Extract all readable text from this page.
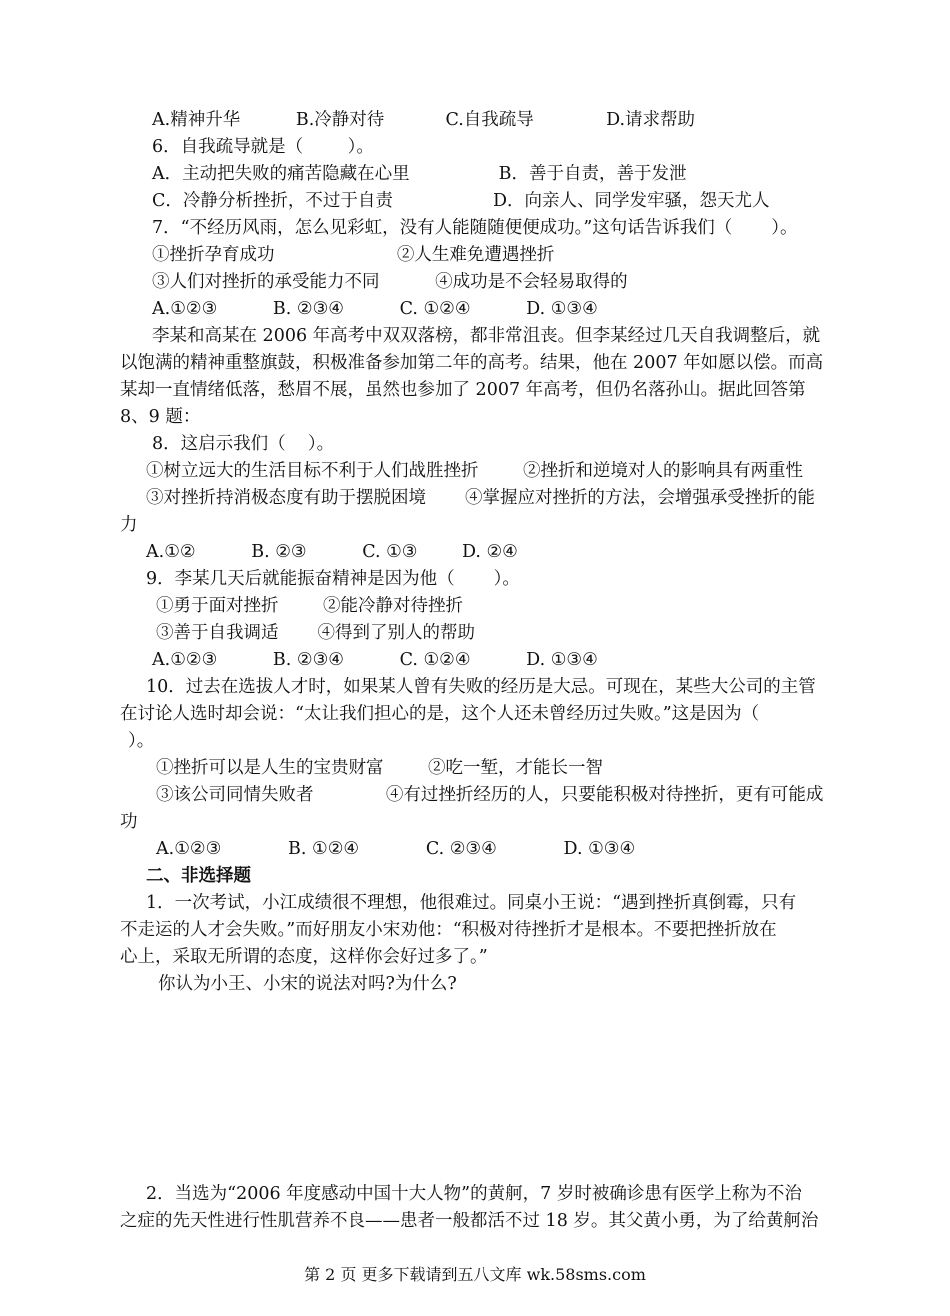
A.精神升华          B.冷静对待           C.自我疏导             D.请求帮助
6．自我疏导就是（        ）。
A．主动把失败的痛苦隐藏在心里                B．善于自责，善于发泄
C．冷静分析挫折，不过于自责                  D．向亲人、同学发牢骚，怨天尤人
7．“不经历风雨，怎么见彩虹，没有人能随随便便成功。”这句话告诉我们（       ）。
①挫折孕育成功                      ②人生难免遭遇挫折
③人们对挫折的承受能力不同          ④成功是不会轻易取得的
A.①②③          B. ②③④          C. ①②④          D. ①③④
李某和高某在 2006 年高考中双双落榜，都非常沮丧。但李某经过几天自我调整后，就
以饱满的精神重整旗鼓，积极准备参加第二年的高考。结果，他在 2007 年如愿以偿。而高
某却一直情绪低落，愁眉不展，虽然也参加了 2007 年高考，但仍名落孙山。据此回答第
8、9 题：
8．这启示我们（    ）。
①树立远大的生活目标不利于人们战胜挫折        ②挫折和逆境对人的影响具有两重性
③对挫折持消极态度有助于摆脱困境       ④掌握应对挫折的方法，会增强承受挫折的能
力
A.①②          B. ②③          C. ①③        D. ②④
9．李某几天后就能振奋精神是因为他（       ）。
①勇于面对挫折        ②能冷静对待挫折
③善于自我调适       ④得到了别人的帮助
A.①②③          B. ②③④          C. ①②④          D. ①③④
10．过去在选拔人才时，如果某人曾有失败的经历是大忌。可现在，某些大公司的主管
在讨论人选时却会说：“太让我们担心的是，这个人还未曾经历过失败。”这是因为（
）。
①挫折可以是人生的宝贵财富        ②吃一堑，才能长一智
③该公司同情失败者             ④有过挫折经历的人，只要能积极对待挫折，更有可能成
功
A.①②③            B. ①②④            C. ②③④            D. ①③④
二、非选择题
1．一次考试，小江成绩很不理想，他很难过。同桌小王说：“遇到挫折真倒霉，只有
不走运的人才会失败。”而好朋友小宋劝他：“积极对待挫折才是根本。不要把挫折放在
心上，采取无所谓的态度，这样你会好过多了。”
你认为小王、小宋的说法对吗?为什么?
2．当选为“2006 年度感动中国十大人物”的黄舸，7 岁时被确诊患有医学上称为不治
之症的先天性进行性肌营养不良——患者一般都活不过 18 岁。其父黄小勇，为了给黄舸治
第 2 页 更多下载请到五八文库 wk.58sms.com
